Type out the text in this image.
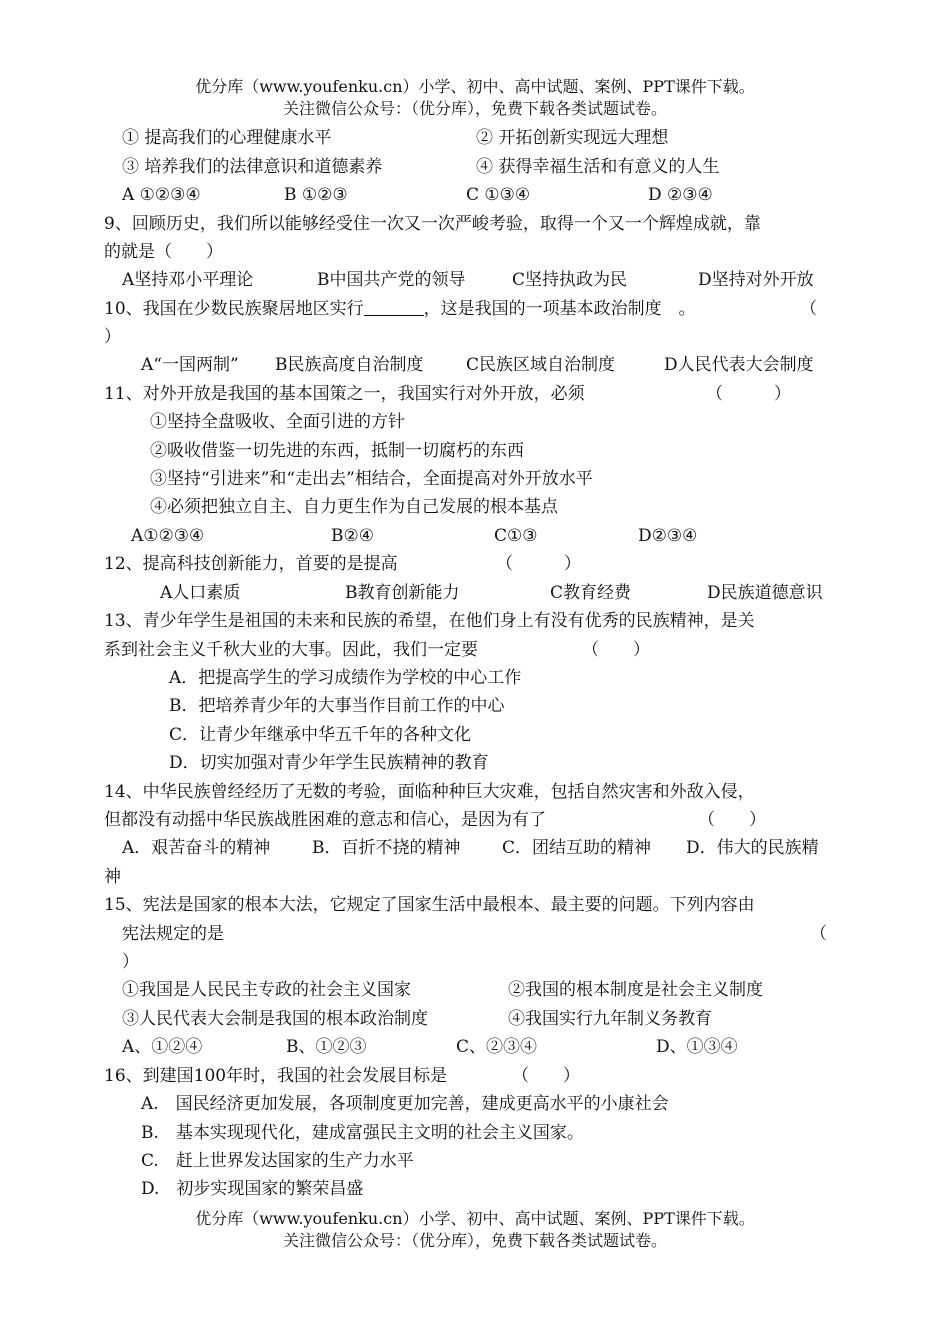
优分库（www.youfenku.cn）小学、初中、高中试题、案例、PPT课件下载。
关注微信公众号：（优分库），免费下载各类试题试卷。
① 提高我们的心理健康水平	② 开拓创新实现远大理想
③ 培养我们的法律意识和道德素养	④ 获得幸福生活和有意义的人生
A ①②③④	B ①②③	C ①③④	D ②③④
9、回顾历史，我们所以能够经受住一次又一次严峻考验，取得一个又一个辉煌成就，靠
的就是（　　）
A坚持邓小平理论	B中国共产党的领导	C坚持执政为民	D坚持对外开放
10、我国在少数民族聚居地区实行	，这是我国的一项基本政治制度　。	（
）
A“一国两制” B民族高度自治制度	C民族区域自治制度	D人民代表大会制度
11、对外开放是我国的基本国策之一，我国实行对外开放，必须	（　　　）
①坚持全盘吸收、全面引进的方针
②吸收借鉴一切先进的东西，抵制一切腐朽的东西
③坚持“引进来”和“走出去”相结合，全面提高对外开放水平
④必须把独立自主、自力更生作为自己发展的根本基点
A①②③④	B②④	C①③	D②③④
12、提高科技创新能力，首要的是提高	（　　　）
A人口素质	B教育创新能力	C教育经费	D民族道德意识
13、青少年学生是祖国的未来和民族的希望，在他们身上有没有优秀的民族精神，是关
系到社会主义千秋大业的大事。因此，我们一定要	（　　）
A．把提高学生的学习成绩作为学校的中心工作
B．把培养青少年的大事当作目前工作的中心
C．让青少年继承中华五千年的各种文化
D．切实加强对青少年学生民族精神的教育
14、中华民族曾经经历了无数的考验，面临种种巨大灾难，包括自然灾害和外敌入侵，
但都没有动摇中华民族战胜困难的意志和信心，是因为有了	（　　）
A．艰苦奋斗的精神 B．百折不挠的精神 C．团结互助的精神 D．伟大的民族精
神
15、宪法是国家的根本大法，它规定了国家生活中最根本、最主要的问题。下列内容由
宪法规定的是	（
）
①我国是人民民主专政的社会主义国家	②我国的根本制度是社会主义制度
③人民代表大会制是我国的根本政治制度	④我国实行九年制义务教育
A、①②④	B、①②③	C、②③④	D、①③④
16、到建国100年时，我国的社会发展目标是	（　　）
A.　国民经济更加发展，各项制度更加完善，建成更高水平的小康社会
B.　基本实现现代化，建成富强民主文明的社会主义国家。
C.　赶上世界发达国家的生产力水平
D.　初步实现国家的繁荣昌盛
优分库（www.youfenku.cn）小学、初中、高中试题、案例、PPT课件下载。
关注微信公众号：（优分库），免费下载各类试题试卷。
